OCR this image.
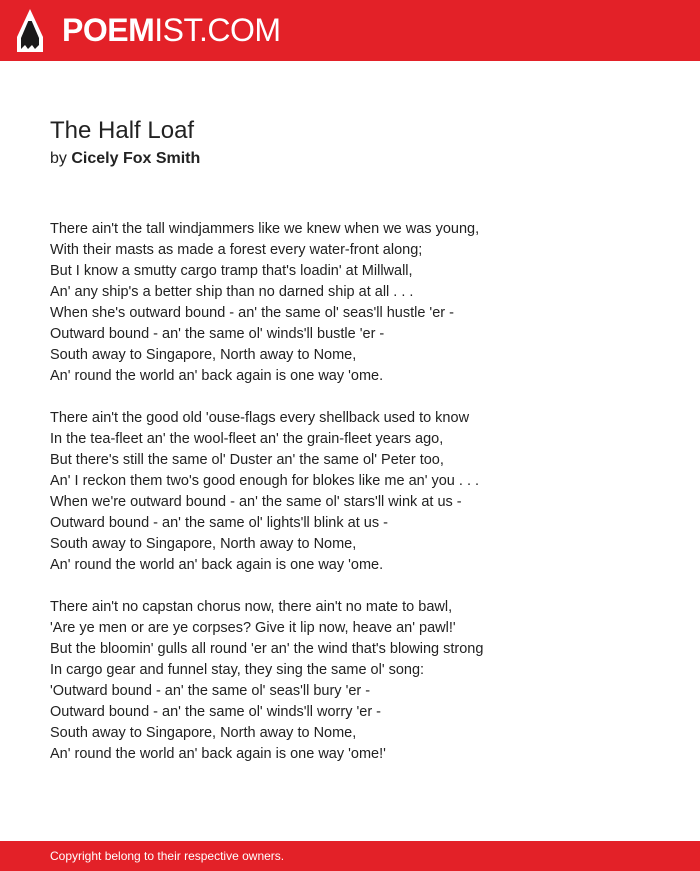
POEMIST.COM
The Half Loaf
by Cicely Fox Smith
There ain't the tall windjammers like we knew when we was young,
With their masts as made a forest every water-front along;
But I know a smutty cargo tramp that's loadin' at Millwall,
An' any ship's a better ship than no darned ship at all . . .
When she's outward bound - an' the same ol' seas'll hustle 'er -
Outward bound - an' the same ol' winds'll bustle 'er -
South away to Singapore, North away to Nome,
An' round the world an' back again is one way 'ome.
There ain't the good old 'ouse-flags every shellback used to know
In the tea-fleet an' the wool-fleet an' the grain-fleet years ago,
But there's still the same ol' Duster an' the same ol' Peter too,
An' I reckon them two's good enough for blokes like me an' you . . .
When we're outward bound - an' the same ol' stars'll wink at us -
Outward bound - an' the same ol' lights'll blink at us -
South away to Singapore, North away to Nome,
An' round the world an' back again is one way 'ome.
There ain't no capstan chorus now, there ain't no mate to bawl,
'Are ye men or are ye corpses? Give it lip now, heave an' pawl!'
But the bloomin' gulls all round 'er an' the wind that's blowing strong
In cargo gear and funnel stay, they sing the same ol' song:
'Outward bound - an' the same ol' seas'll bury 'er -
Outward bound - an' the same ol' winds'll worry 'er -
South away to Singapore, North away to Nome,
An' round the world an' back again is one way 'ome!'
Copyright belong to their respective owners.
